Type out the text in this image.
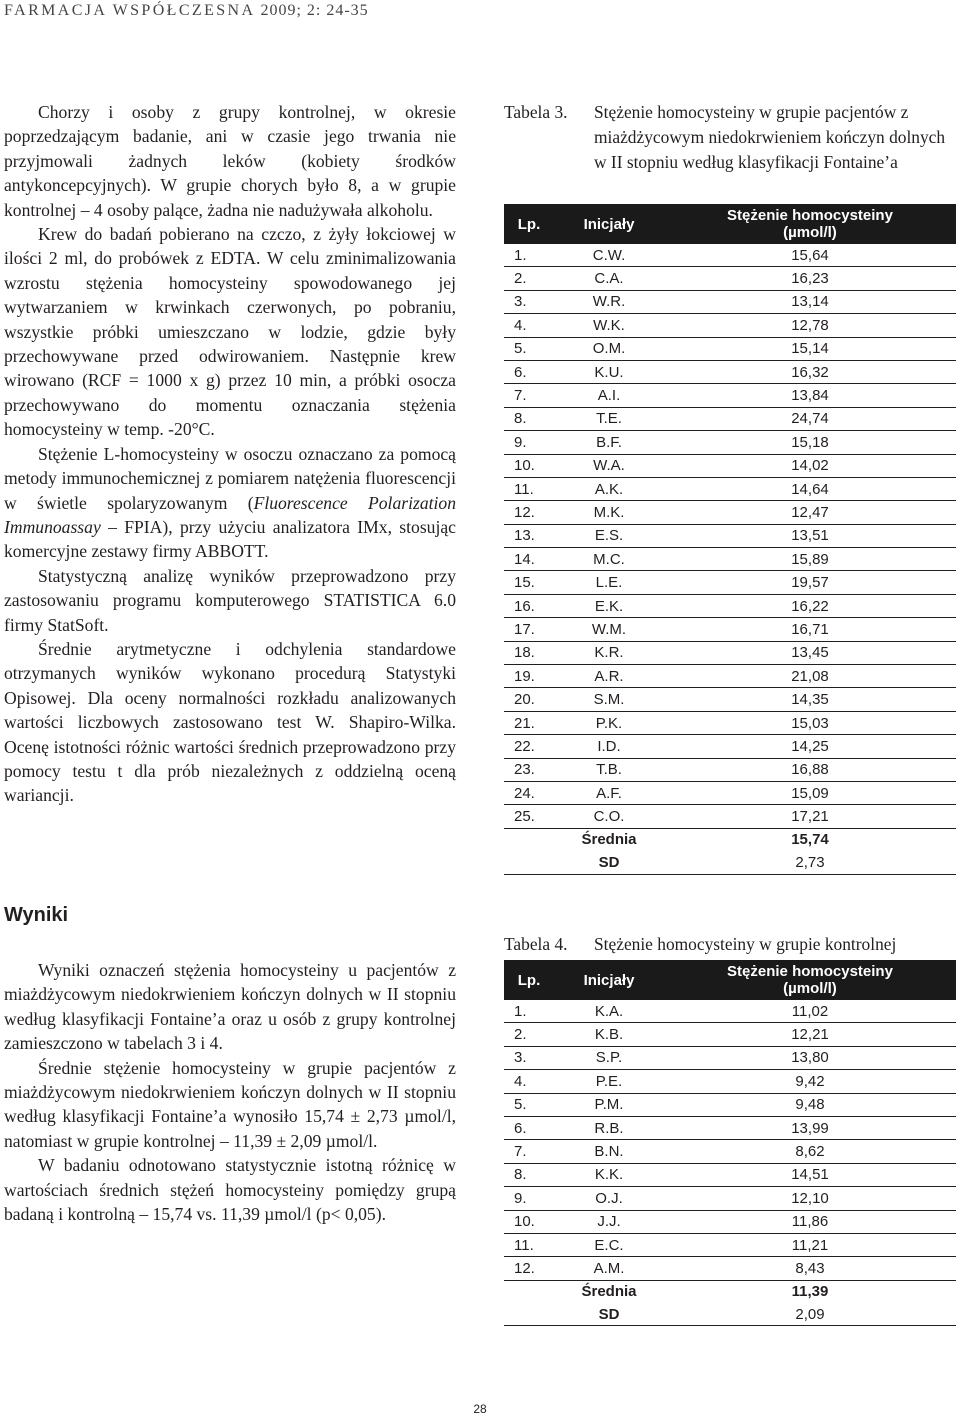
FARMACJA WSPÓŁCZESNA 2009; 2: 24-35

Chorzy i osoby z grupy kontrolnej, w okresie poprzedzającym badanie, ani w czasie jego trwania nie przyjmowali żadnych leków (kobiety środków antykoncepcyjnych). W grupie chorych było 8, a w grupie kontrolnej – 4 osoby palące, żadna nie nadużywała alkoholu.

Krew do badań pobierano na czczo, z żyły łokciowej w ilości 2 ml, do probówek z EDTA. W celu zminimalizowania wzrostu stężenia homocysteiny spowodowanego jej wytwarzaniem w krwinkach czerwonych, po pobraniu, wszystkie próbki umieszczano w lodzie, gdzie były przechowywane przed odwirowaniem. Następnie krew wirowano (RCF = 1000 x g) przez 10 min, a próbki osocza przechowywano do momentu oznaczania stężenia homocysteiny w temp. -20°C.

Stężenie L-homocysteiny w osoczu oznaczano za pomocą metody immunochemicznej z pomiarem natężenia fluorescencji w świetle spolaryzowanym (Fluorescence Polarization Immunoassay – FPIA), przy użyciu analizatora IMx, stosując komercyjne zestawy firmy ABBOTT.

Statystyczną analizę wyników przeprowadzono przy zastosowaniu programu komputerowego STATISTICA 6.0 firmy StatSoft.

Średnie arytmetyczne i odchylenia standardowe otrzymanych wyników wykonano procedurą Statystyki Opisowej. Dla oceny normalności rozkładu analizowanych wartości liczbowych zastosowano test W. Shapiro-Wilka. Ocenę istotności różnic wartości średnich przeprowadzono przy pomocy testu t dla prób niezależnych z oddzielną oceną wariancji.

Wyniki

Wyniki oznaczeń stężenia homocysteiny u pacjentów z miażdżycowym niedokrwieniem kończyn dolnych w II stopniu według klasyfikacji Fontaine’a oraz u osób z grupy kontrolnej zamieszczono w tabelach 3 i 4.

Średnie stężenie homocysteiny w grupie pacjentów z miażdżycowym niedokrwieniem kończyn dolnych w II stopniu według klasyfikacji Fontaine’a wynosiło 15,74 ± 2,73 µmol/l, natomiast w grupie kontrolnej – 11,39 ± 2,09 µmol/l.

W badaniu odnotowano statystycznie istotną różnicę w wartościach średnich stężeń homocysteiny pomiędzy grupą badaną i kontrolną – 15,74 vs. 11,39 µmol/l (p< 0,05).

Tabela 3. Stężenie homocysteiny w grupie pacjentów z miażdżycowym niedokrwieniem kończyn dolnych w II stopniu według klasyfikacji Fontaine’a
Lp.	Inicjały	Stężenie homocysteiny
(µmol/l)
1.	C.W.	15,64
2.	C.A.	16,23
3.	W.R.	13,14
4.	W.K.	12,78
5.	O.M.	15,14
6.	K.U.	16,32
7.	A.I.	13,84
8.	T.E.	24,74
9.	B.F.	15,18
10.	W.A.	14,02
11.	A.K.	14,64
12.	M.K.	12,47
13.	E.S.	13,51
14.	M.C.	15,89
15.	L.E.	19,57
16.	E.K.	16,22
17.	W.M.	16,71
18.	K.R.	13,45
19.	A.R.	21,08
20.	S.M.	14,35
21.	P.K.	15,03
22.	I.D.	14,25
23.	T.B.	16,88
24.	A.F.	15,09
25.	C.O.	17,21
	Średnia	15,74
	SD	2,73
Tabela 4. Stężenie homocysteiny w grupie kontrolnej
Lp.	Inicjały	Stężenie homocysteiny
(µmol/l)
1.	K.A.	11,02
2.	K.B.	12,21
3.	S.P.	13,80
4.	P.E.	9,42
5.	P.M.	9,48
6.	R.B.	13,99
7.	B.N.	8,62
8.	K.K.	14,51
9.	O.J.	12,10
10.	J.J.	11,86
11.	E.C.	11,21
12.	A.M.	8,43
	Średnia	11,39
	SD	2,09
28
